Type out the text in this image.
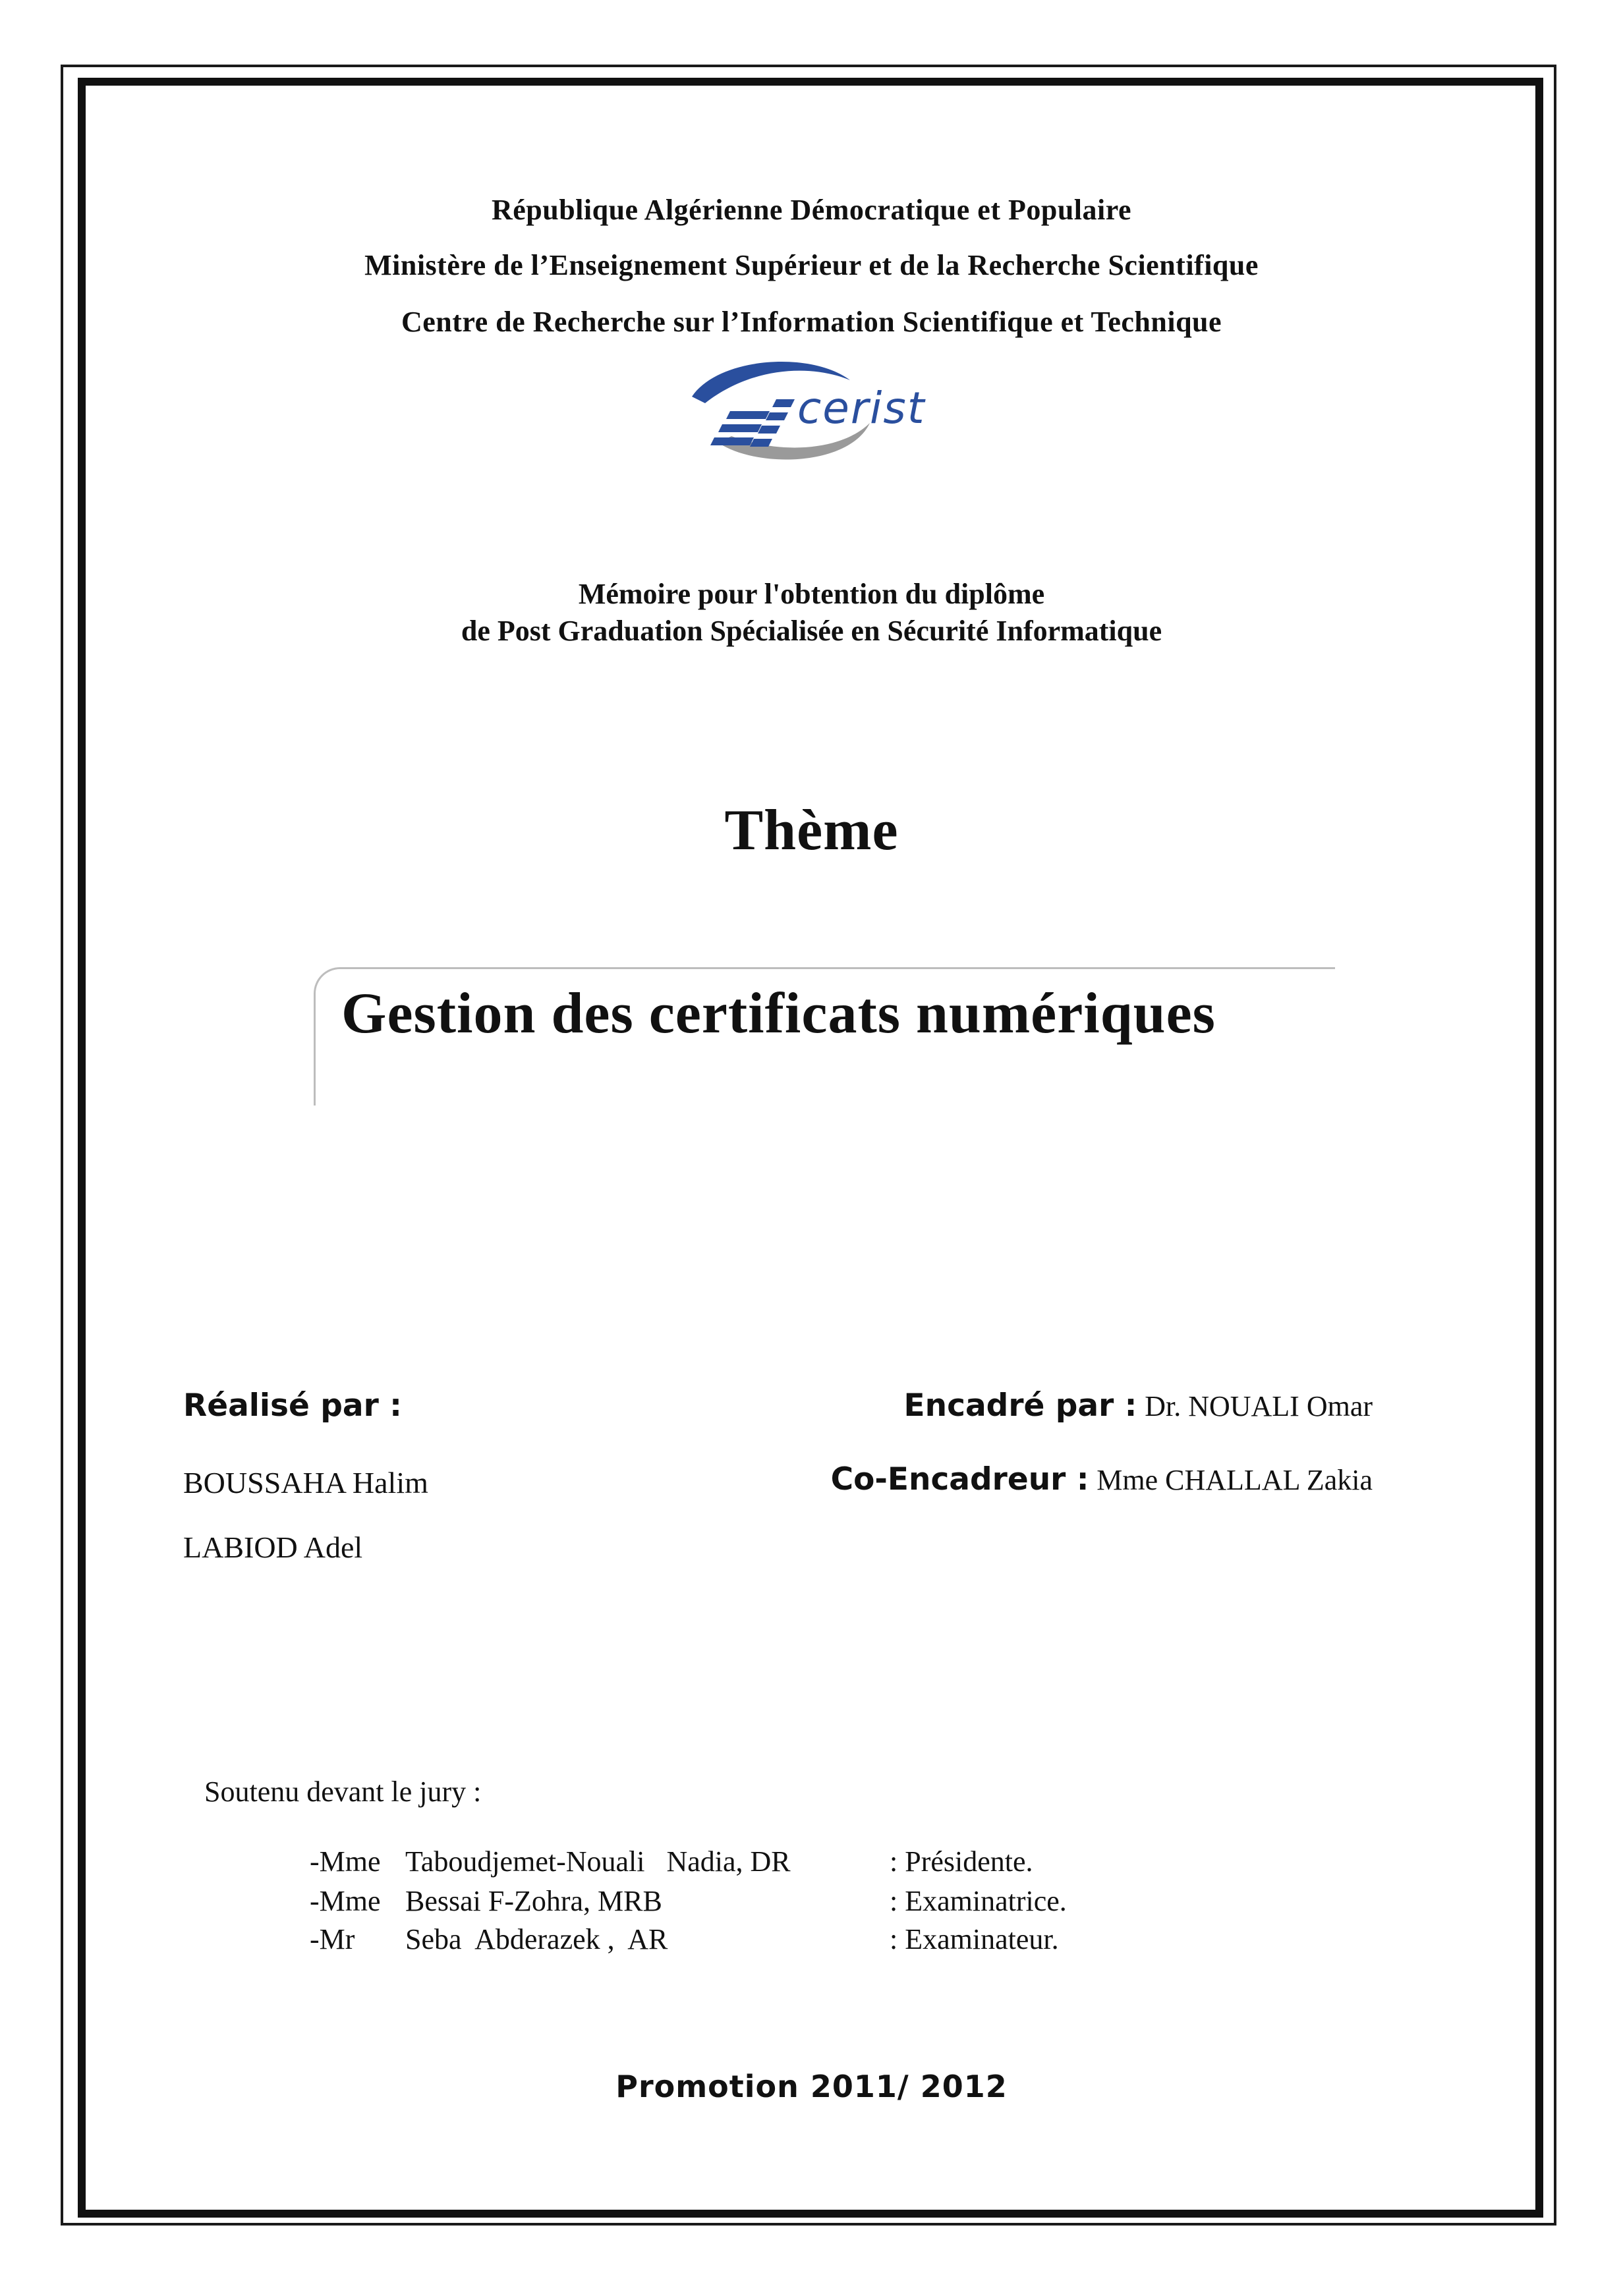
République Algérienne Démocratique et Populaire
Ministère de l’Enseignement Supérieur et de la Recherche Scientifique
Centre de Recherche sur l’Information Scientifique et Technique
cerist
Mémoire pour l'obtention du diplôme
de Post Graduation Spécialisée en Sécurité Informatique
Thème
Gestion des certificats numériques
Réalisé par :	Encadré par : Dr. NOUALI Omar
Co-Encadreur : Mme CHALLAL Zakia
BOUSSAHA Halim
LABIOD Adel
Soutenu devant le jury :
-Mme Taboudjemet-Nouali   Nadia, DR	: Présidente.
-Mme Bessai F-Zohra, MRB	: Examinatrice.
-Mr Seba  Abderazek ,  AR	: Examinateur.
Promotion 2011/ 2012
